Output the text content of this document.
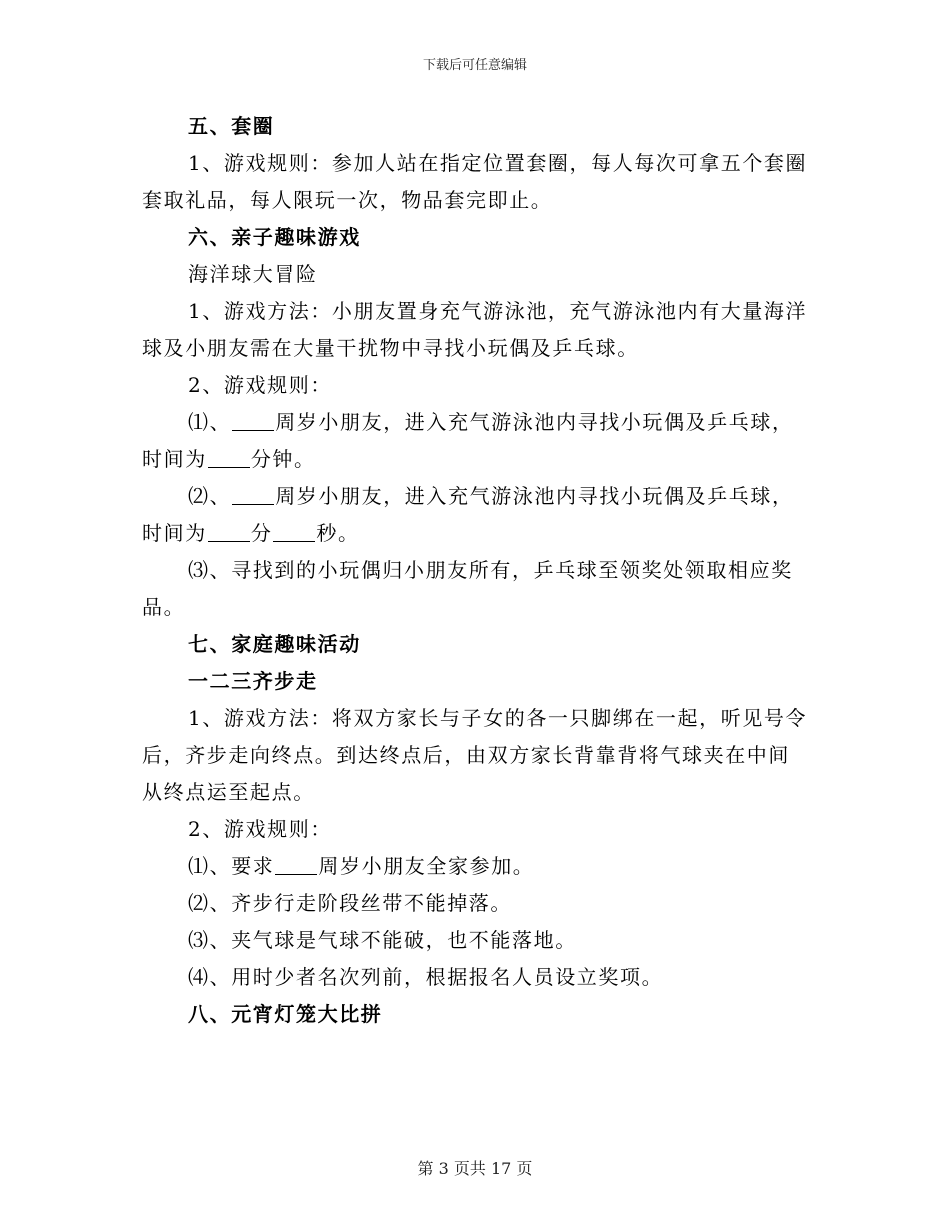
下载后可任意编辑
五、套圈
1、游戏规则：参加人站在指定位置套圈，每人每次可拿五个套圈
套取礼品，每人限玩一次，物品套完即止。
六、亲子趣味游戏
海洋球大冒险
1、游戏方法：小朋友置身充气游泳池，充气游泳池内有大量海洋
球及小朋友需在大量干扰物中寻找小玩偶及乒乓球。
2、游戏规则：
⑴、 周岁小朋友，进入充气游泳池内寻找小玩偶及乒乓球，
时间为 分钟。
⑵、 周岁小朋友，进入充气游泳池内寻找小玩偶及乒乓球，
时间为 分 秒。
⑶、寻找到的小玩偶归小朋友所有，乒乓球至领奖处领取相应奖
品。
七、家庭趣味活动
一二三齐步走
1、游戏方法：将双方家长与子女的各一只脚绑在一起，听见号令
后，齐步走向终点。到达终点后，由双方家长背靠背将气球夹在中间
从终点运至起点。
2、游戏规则：
⑴、要求 周岁小朋友全家参加。
⑵、齐步行走阶段丝带不能掉落。
⑶、夹气球是气球不能破，也不能落地。
⑷、用时少者名次列前，根据报名人员设立奖项。
八、元宵灯笼大比拼
第 3 页共 17 页
